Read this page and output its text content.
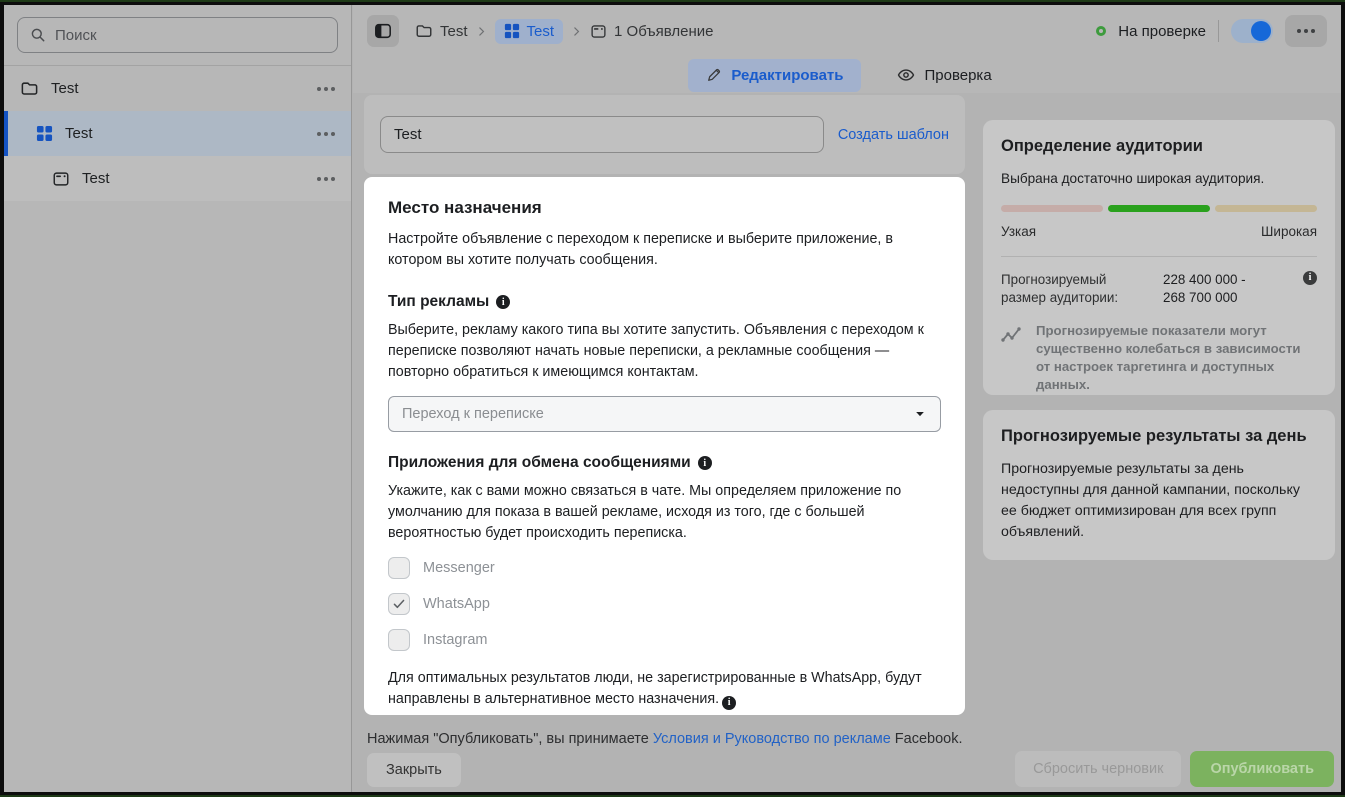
Поиск
Test
Test
Test
Test	Test	1 Объявление	На проверке
Редактировать	Проверка
Test
Создать шаблон
Место назначения

Настройте объявление с переходом к переписке и выберите приложение, в котором вы хотите получать сообщения.

Тип рекламы
i

Выберите, рекламу какого типа вы хотите запустить. Объявления с переходом к переписке позволяют начать новые переписки, а рекламные сообщения — повторно обратиться к имеющимся контактам.

Переход к переписке
Приложения для обмена сообщениями
i

Укажите, как с вами можно связаться в чате. Мы определяем приложение по умолчанию для показа в вашей рекламе, исходя из того, где с большей вероятностью будет происходить переписка.

Messenger
WhatsApp
Instagram

Для оптимальных результатов люди, не зарегистрированные в WhatsApp, будут направлены в альтернативное место назначения.i

Определение аудитории
Выбрана достаточно широкая аудитория.
Узкая	Широкая
Прогнозируемый размер аудитории:
228 400 000 -
268 700 000
i
Прогнозируемые показатели могут существенно колебаться в зависимости от настроек таргетинга и доступных данных.
Прогнозируемые результаты за день
Прогнозируемые результаты за день недоступны для данной кампании, поскольку ее бюджет оптимизирован для всех групп объявлений.
Нажимая "Опубликовать", вы принимаете Условия и Руководство по рекламе Facebook.
Закрыть	Сбросить черновик	Опубликовать
